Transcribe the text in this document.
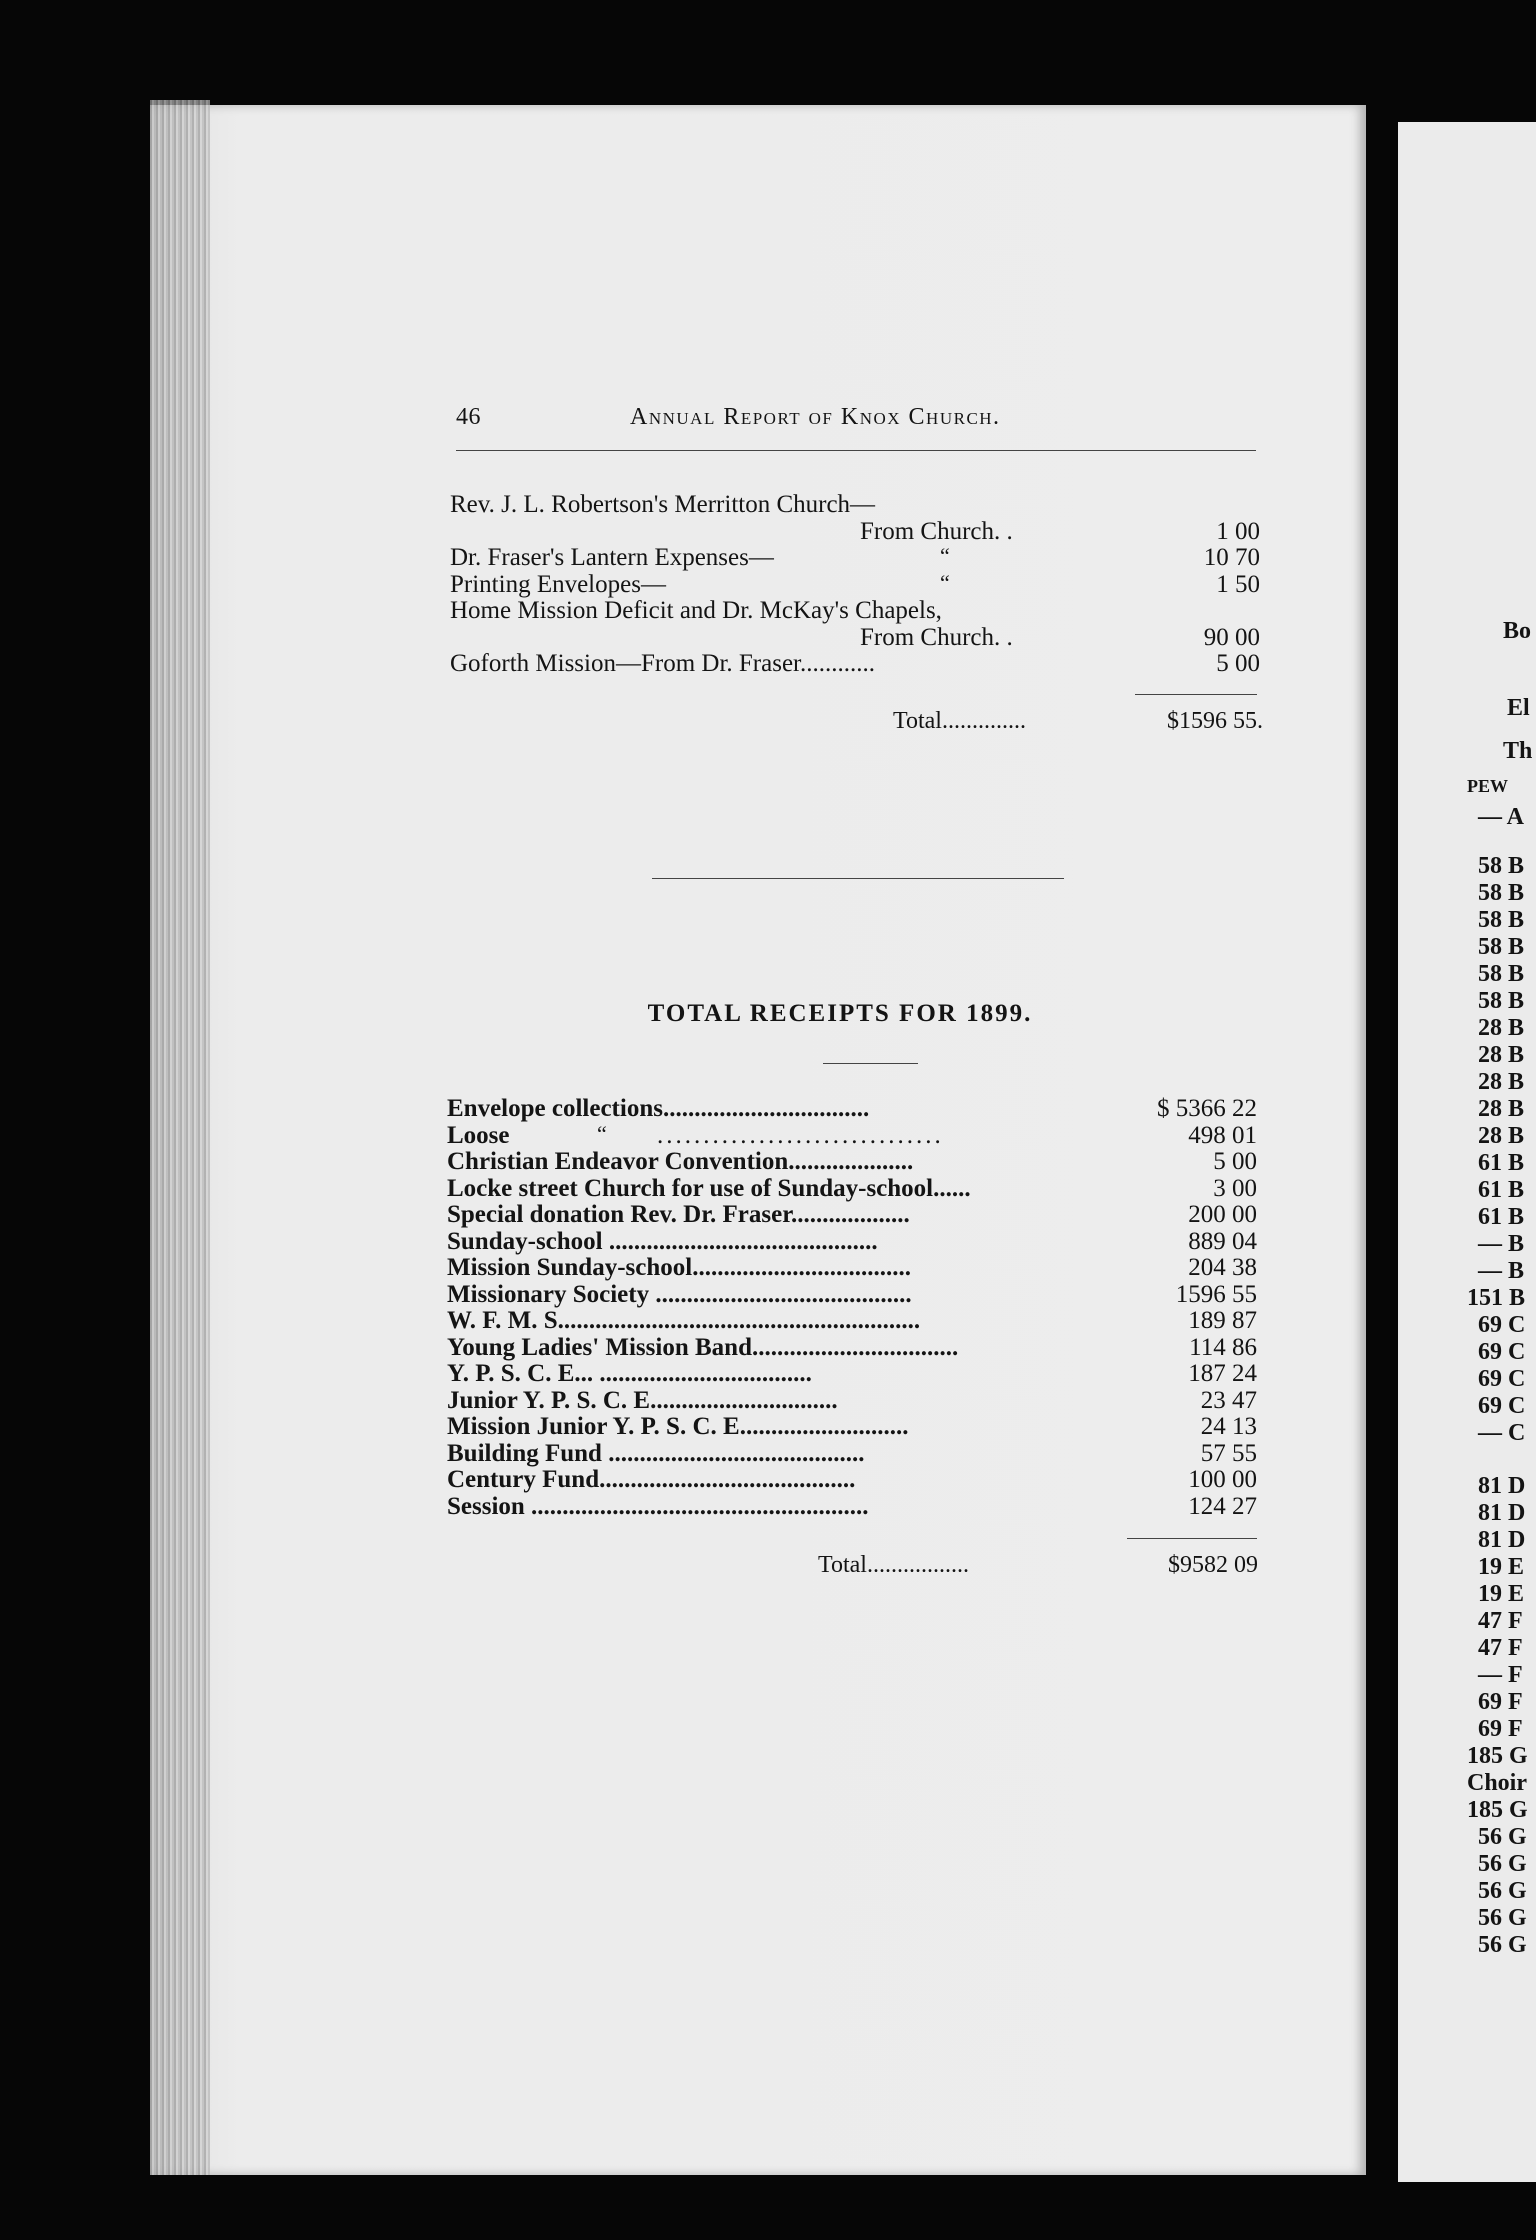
Bo
El
Th
PEW
— A
58 B
58 B
58 B
58 B
58 B
58 B
28 B
28 B
28 B
28 B
28 B
61 B
61 B
61 B
— B
— B
151 B
69 C
69 C
69 C
69 C
— C
81 D
81 D
81 D
19 E
19 E
47 F
47 F
— F
69 F
69 F
185 G
Choir
185 G
56 G
56 G
56 G
56 G
56 G
46	Annual Report of Knox Church.
Rev. J. L. Robertson's Merritton Church—
From Church. .	1 00
Dr. Fraser's Lantern Expenses—	“	10 70
Printing Envelopes—	“	1 50
Home Mission Deficit and Dr. McKay's Chapels,
From Church. .	90 00
Goforth Mission—From Dr. Fraser............	5 00
Total..............	$1596 55.
TOTAL RECEIPTS FOR 1899.
Envelope collections.................................	$ 5366 22
Loose	“ ...............................	498 01
Christian Endeavor Convention....................	5 00
Locke street Church for use of Sunday-school......	3 00
Special donation Rev. Dr. Fraser...................	200 00
Sunday-school ...........................................	889 04
Mission Sunday-school...................................	204 38
Missionary Society .........................................	1596 55
W. F. M. S..........................................................	189 87
Young Ladies' Mission Band.................................	114 86
Y. P. S. C. E... ..................................	187 24
Junior Y. P. S. C. E..............................	23 47
Mission Junior Y. P. S. C. E...........................	24 13
Building Fund .........................................	57 55
Century Fund.........................................	100 00
Session ......................................................	124 27
Total.................	$9582 09
